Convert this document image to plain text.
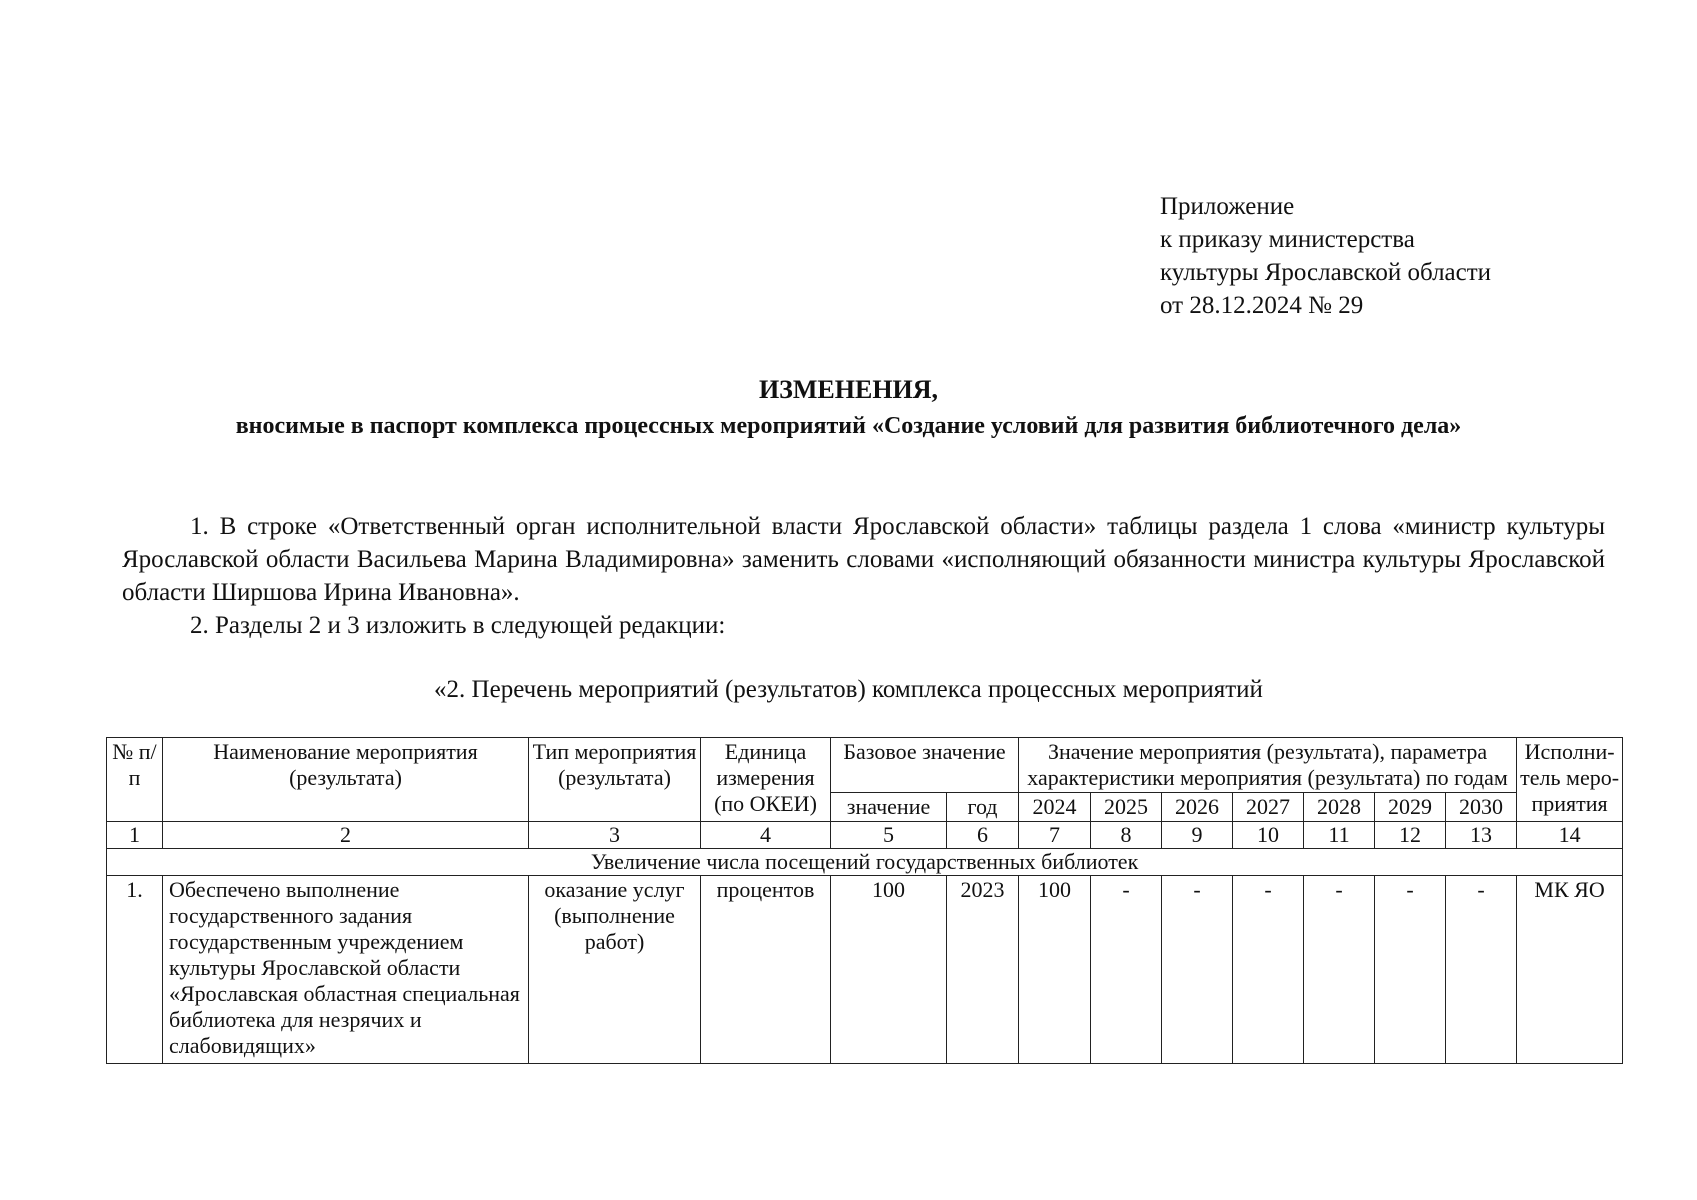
Приложение
к приказу министерства
культуры Ярославской области
от 28.12.2024 № 29
ИЗМЕНЕНИЯ,
вносимые в паспорт комплекса процессных мероприятий «Создание условий для развития библиотечного дела»

1. В строке «Ответственный орган исполнительной власти Ярославской области» таблицы раздела 1 слова «министр культуры Ярославской области Васильева Марина Владимировна» заменить словами «исполняющий обязанности министра культуры Ярославской области Ширшова Ирина Ивановна».

2. Разделы 2 и 3 изложить в следующей редакции:

«2. Перечень мероприятий (результатов) комплекса процессных мероприятий
№ п/п	Наименование мероприятия (результата)	Тип мероприятия (результата)	Единица измерения (по ОКЕИ)	Базовое значение		Значение мероприятия (результата), параметра характеристики мероприятия (результата) по годам							Исполни-тель меро-приятия
				значение	год	2024	2025	2026	2027	2028	2029	2030	
1	2	3	4	5	6	7	8	9	10	11	12	13	14
Увеличение числа посещений государственных библиотек													
1.	Обеспечено выполнение государственного задания государственным учреждением культуры Ярославской области «Ярославская областная специальная библиотека для незрячих и слабовидящих»	оказание услуг (выполнение работ)	процентов	100	2023	100	-	-	-	-	-	-	МК ЯО
